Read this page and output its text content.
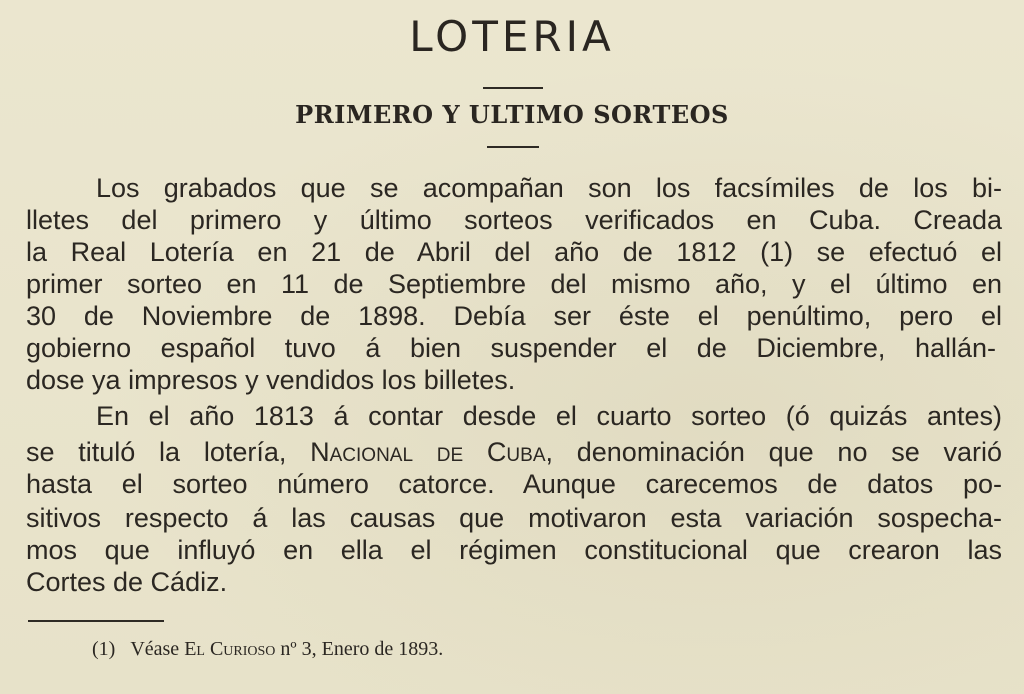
LOTERIA
PRIMERO Y ULTIMO SORTEOS
Los grabados que se acompañan son los facsímiles de los bi-
lletes del primero y último sorteos verificados en Cuba. Creada
la Real Lotería en 21 de Abril del año de 1812 (1) se efectuó el
primer sorteo en 11 de Septiembre del mismo año, y el último en
30 de Noviembre de 1898. Debía ser éste el penúltimo, pero el
gobierno español tuvo á bien suspender el de Diciembre, hallán-
dose ya impresos y vendidos los billetes.
En el año 1813 á contar desde el cuarto sorteo (ó quizás antes)
se tituló la lotería, Nacional de Cuba, denominación que no se varió
hasta el sorteo número catorce. Aunque carecemos de datos po-
sitivos respecto á las causas que motivaron esta variación sospecha-
mos que influyó en ella el régimen constitucional que crearon las
Cortes de Cádiz.
(1) Véase El Curioso nº 3, Enero de 1893.
